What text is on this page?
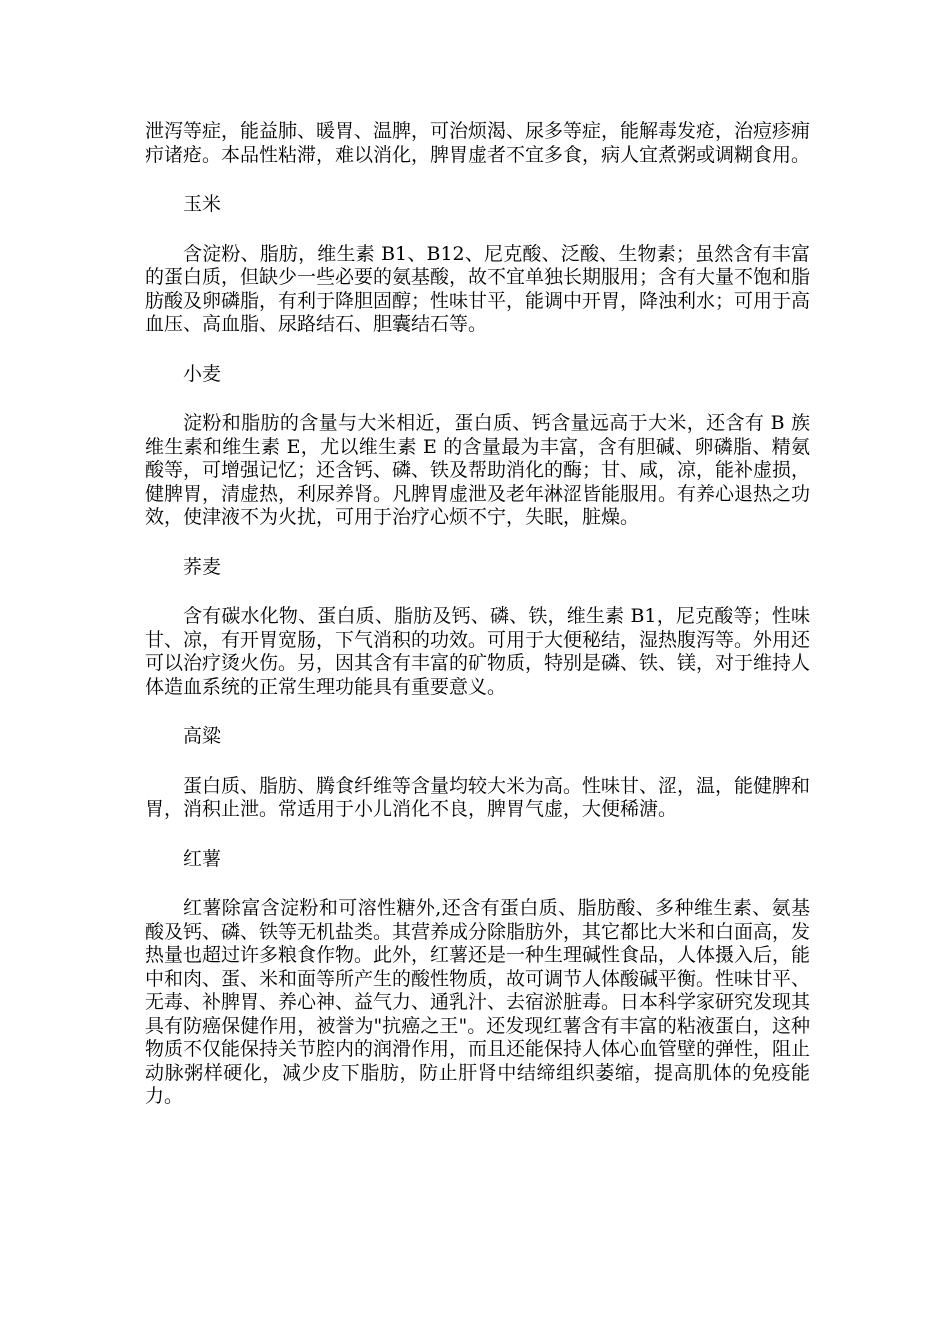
泄泻等症，能益肺、暖胃、温脾，可治烦渴、尿多等症，能解毒发疮，治痘疹痈疖诸疮。本品性粘滞，难以消化，脾胃虚者不宜多食，病人宜煮粥或调糊食用。

玉米

含淀粉、脂肪，维生素 B1、B12、尼克酸、泛酸、生物素；虽然含有丰富的蛋白质，但缺少一些必要的氨基酸，故不宜单独长期服用；含有大量不饱和脂肪酸及卵磷脂，有利于降胆固醇；性味甘平，能调中开胃，降浊利水；可用于高血压、高血脂、尿路结石、胆囊结石等。

小麦

淀粉和脂肪的含量与大米相近，蛋白质、钙含量远高于大米，还含有 B 族维生素和维生素 E，尤以维生素 E 的含量最为丰富，含有胆碱、卵磷脂、精氨酸等，可增强记忆；还含钙、磷、铁及帮助消化的酶；甘、咸，凉，能补虚损，健脾胃，清虚热，利尿养肾。凡脾胃虚泄及老年淋涩皆能服用。有养心退热之功效，使津液不为火扰，可用于治疗心烦不宁，失眠，脏燥。

荞麦

含有碳水化物、蛋白质、脂肪及钙、磷、铁，维生素 B1，尼克酸等；性味甘、凉，有开胃宽肠，下气消积的功效。可用于大便秘结，湿热腹泻等。外用还可以治疗烫火伤。另，因其含有丰富的矿物质，特别是磷、铁、镁，对于维持人体造血系统的正常生理功能具有重要意义。

高粱

蛋白质、脂肪、腾食纤维等含量均较大米为高。性味甘、涩，温，能健脾和胃，消积止泄。常适用于小儿消化不良，脾胃气虚，大便稀溏。

红薯

红薯除富含淀粉和可溶性糖外,还含有蛋白质、脂肪酸、多种维生素、氨基酸及钙、磷、铁等无机盐类。其营养成分除脂肪外，其它都比大米和白面高，发热量也超过许多粮食作物。此外，红薯还是一种生理碱性食品，人体摄入后，能中和肉、蛋、米和面等所产生的酸性物质，故可调节人体酸碱平衡。性味甘平、无毒、补脾胃、养心神、益气力、通乳汁、去宿淤脏毒。日本科学家研究发现其具有防癌保健作用，被誉为"抗癌之王"。还发现红薯含有丰富的粘液蛋白，这种物质不仅能保持关节腔内的润滑作用，而且还能保持人体心血管壁的弹性，阻止动脉粥样硬化，减少皮下脂肪，防止肝肾中结缔组织萎缩，提高肌体的免疫能力。
